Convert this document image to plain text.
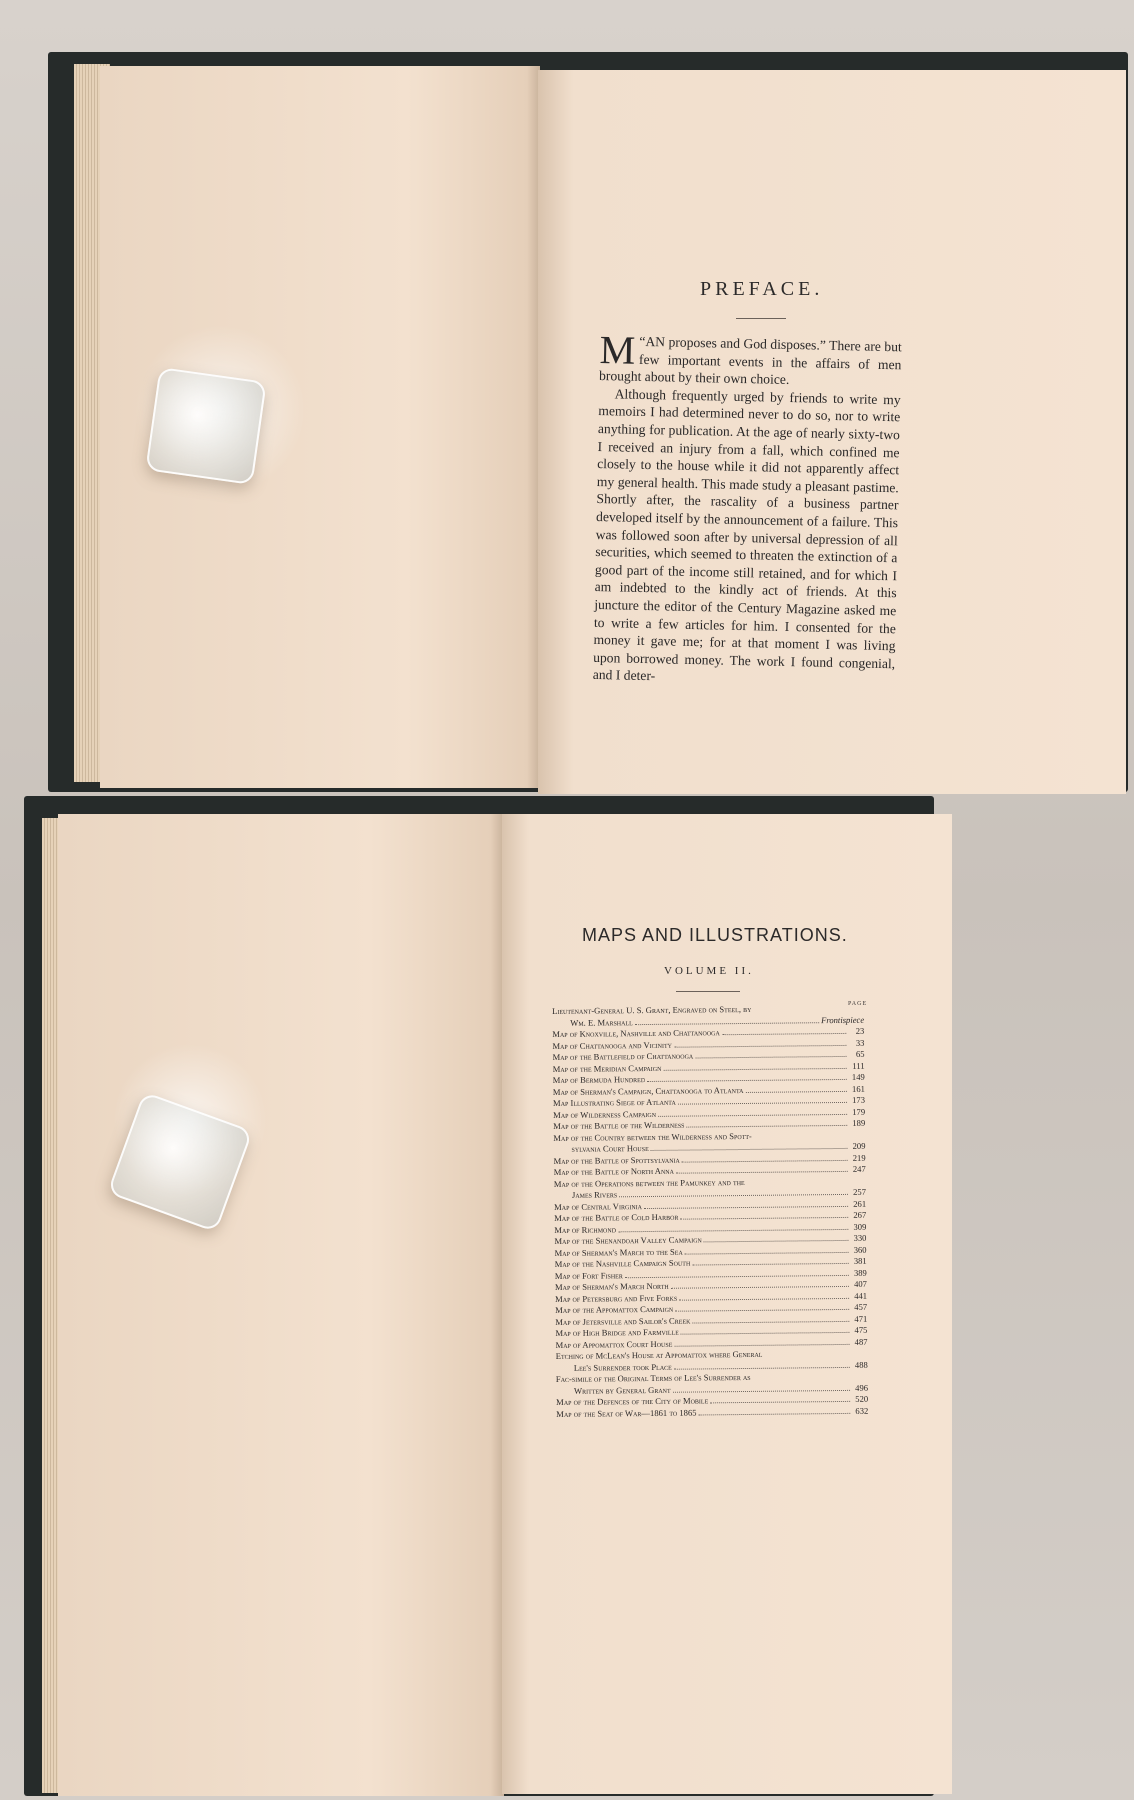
PREFACE.

“
M AN proposes and God disposes.” There are but few important events in the affairs of men brought about by their own choice.

Although frequently urged by friends to write my memoirs I had determined never to do so, nor to write anything for publication. At the age of nearly sixty-two I received an injury from a fall, which confined me closely to the house while it did not apparently affect my general health. This made study a pleasant pastime. Shortly after, the rascality of a business partner developed itself by the announcement of a failure. This was followed soon after by universal depression of all securities, which seemed to threaten the extinction of a good part of the income still retained, and for which I am indebted to the kindly act of friends. At this juncture the editor of the Century Magazine asked me to write a few articles for him. I consented for the money it gave me; for at that moment I was living upon borrowed money. The work I found congenial, and I deter-

MAPS AND ILLUSTRATIONS.
VOLUME II.
PAGE
Lieutenant-General U. S. Grant, Engraved on Steel, by
Wm. E. Marshall	Frontispiece
Map of Knoxville, Nashville and Chattanooga	23
Map of Chattanooga and Vicinity	33
Map of the Battlefield of Chattanooga	65
Map of the Meridian Campaign	111
Map of Bermuda Hundred	149
Map of Sherman's Campaign, Chattanooga to Atlanta	161
Map Illustrating Siege of Atlanta	173
Map of Wilderness Campaign	179
Map of the Battle of the Wilderness	189
Map of the Country between the Wilderness and Spott-
sylvania Court House	209
Map of the Battle of Spottsylvania	219
Map of the Battle of North Anna	247
Map of the Operations between the Pamunkey and the
James Rivers	257
Map of Central Virginia	261
Map of the Battle of Cold Harbor	267
Map of Richmond	309
Map of the Shenandoah Valley Campaign	330
Map of Sherman's March to the Sea	360
Map of the Nashville Campaign South	381
Map of Fort Fisher	389
Map of Sherman's March North	407
Map of Petersburg and Five Forks	441
Map of the Appomattox Campaign	457
Map of Jetersville and Sailor's Creek	471
Map of High Bridge and Farmville	475
Map of Appomattox Court House	487
Etching of McLean's House at Appomattox where General
Lee's Surrender took Place	488
Fac-simile of the Original Terms of Lee's Surrender as
Written by General Grant	496
Map of the Defences of the City of Mobile	520
Map of the Seat of War—1861 to 1865	632
